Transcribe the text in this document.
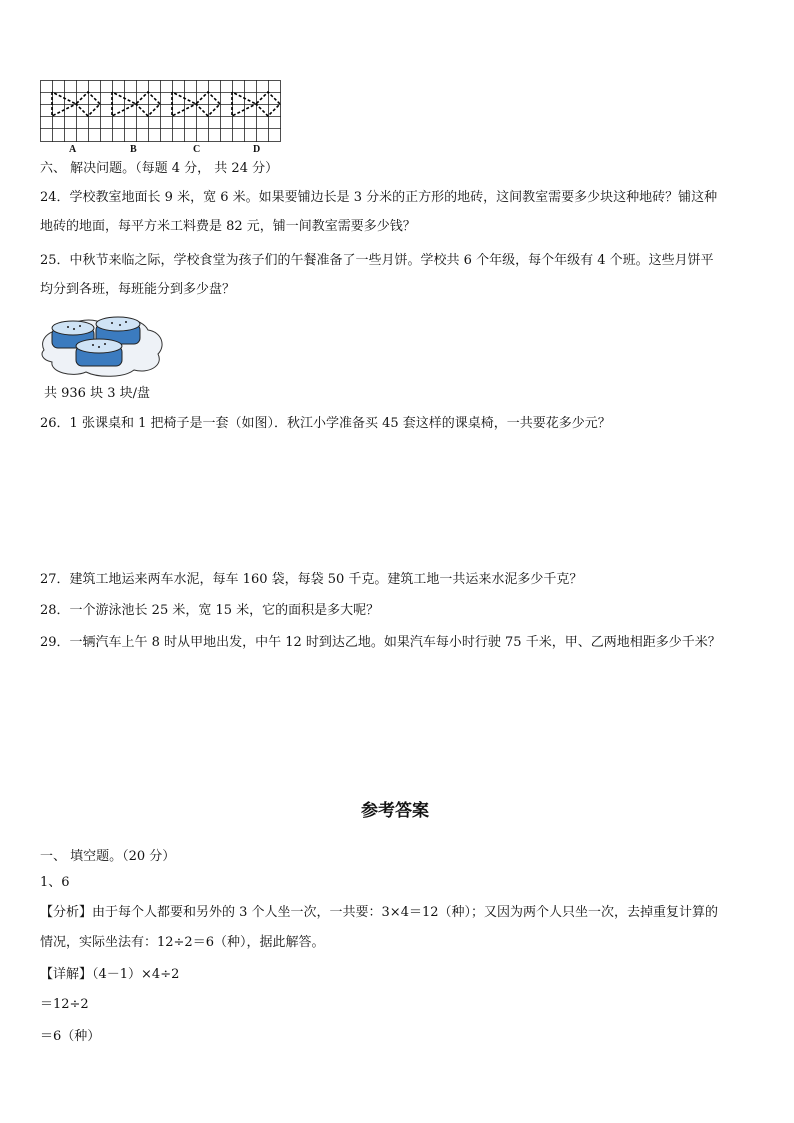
A	B	C	D
六、 解决问题。（每题 4 分， 共 24 分）
24．学校教室地面长 9 米，宽 6 米。如果要铺边长是 3 分米的正方形的地砖，这间教室需要多少块这种地砖？铺这种
地砖的地面，每平方米工料费是 82 元，铺一间教室需要多少钱？
25．中秋节来临之际，学校食堂为孩子们的午餐准备了一些月饼。学校共 6 个年级，每个年级有 4 个班。这些月饼平
均分到各班，每班能分到多少盘？
共 936 块 3 块/盘
26．1 张课桌和 1 把椅子是一套（如图）．秋江小学准备买 45 套这样的课桌椅，一共要花多少元？
27．建筑工地运来两车水泥，每车 160 袋，每袋 50 千克。建筑工地一共运来水泥多少千克？
28．一个游泳池长 25 米，宽 15 米，它的面积是多大呢？
29．一辆汽车上午 8 时从甲地出发，中午 12 时到达乙地。如果汽车每小时行驶 75 千米，甲、乙两地相距多少千米？
参考答案
一、 填空题。（20 分）
1、6
【分析】由于每个人都要和另外的 3 个人坐一次，一共要：3×4＝12（种）；又因为两个人只坐一次，去掉重复计算的
情况，实际坐法有：12÷2＝6（种），据此解答。
【详解】（4－1）×4÷2
＝12÷2
＝6（种）
